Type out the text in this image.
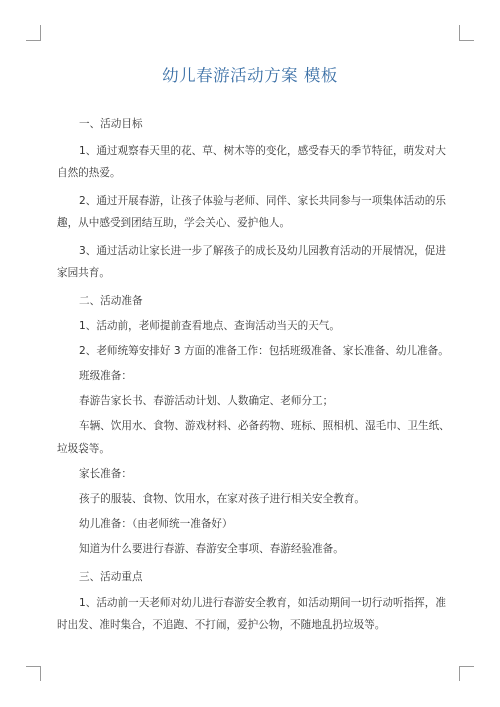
幼儿春游活动方案 模板
一、活动目标
1、通过观察春天里的花、草、树木等的变化，感受春天的季节特征，萌发对大
自然的热爱。
2、通过开展春游，让孩子体验与老师、同伴、家长共同参与一项集体活动的乐
趣，从中感受到团结互助，学会关心、爱护他人。
3、通过活动让家长进一步了解孩子的成长及幼儿园教育活动的开展情况，促进
家园共育。
二、活动准备
1、活动前，老师提前查看地点、查询活动当天的天气。
2、老师统筹安排好 3 方面的准备工作：包括班级准备、家长准备、幼儿准备。
班级准备：
春游告家长书、春游活动计划、人数确定、老师分工；
车辆、饮用水、食物、游戏材料、必备药物、班标、照相机、湿毛巾、卫生纸、
垃圾袋等。
家长准备：
孩子的服装、食物、饮用水，在家对孩子进行相关安全教育。
幼儿准备：（由老师统一准备好）
知道为什么要进行春游、春游安全事项、春游经验准备。
三、活动重点
1、活动前一天老师对幼儿进行春游安全教育，如活动期间一切行动听指挥，准
时出发、准时集合，不追跑、不打闹，爱护公物，不随地乱扔垃圾等。
